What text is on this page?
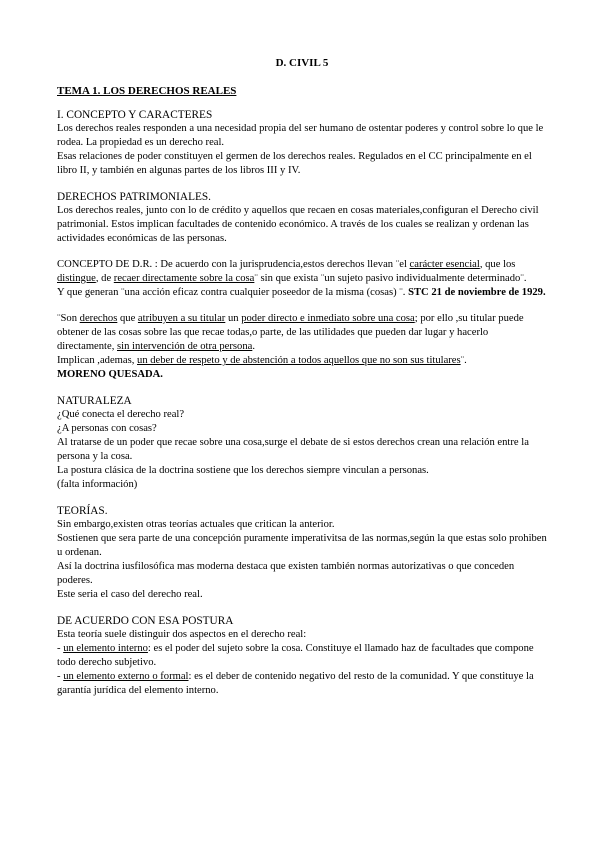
D. CIVIL 5

TEMA 1. LOS DERECHOS REALES

I. CONCEPTO Y CARACTERES

Los derechos reales responden a una necesidad propia del ser humano de ostentar poderes y control sobre lo que le rodea. La propiedad es un derecho real.

Esas relaciones de poder constituyen el germen de los derechos reales. Regulados en el CC principalmente en el libro II, y también en algunas partes de los libros III y IV.

DERECHOS PATRIMONIALES.

Los derechos reales, junto con lo de crédito y aquellos que recaen en cosas materiales,configuran el Derecho civil patrimonial. Estos implican facultades de contenido económico. A través de los cuales se realizan y ordenan las actividades económicas de las personas.

CONCEPTO DE D.R. : De acuerdo con la jurisprudencia,estos derechos llevan ¨el carácter esencial, que los distingue, de recaer directamente sobre la cosa¨ sin que exista ¨un sujeto pasivo individualmente determinado¨.

Y que generan ¨una acción eficaz contra cualquier poseedor de la misma (cosas) ¨. STC 21 de noviembre de 1929.

¨Son derechos que atribuyen a su titular un poder directo e inmediato sobre una cosa; por ello ,su titular puede obtener de las cosas sobre las que recae todas,o parte, de las utilidades que pueden dar lugar y hacerlo directamente, sin intervención de otra persona.

Implican ,ademas, un deber de respeto y de abstención a todos aquellos que no son sus titulares¨.

MORENO QUESADA.

NATURALEZA

¿Qué conecta el derecho real?

¿A personas con cosas?

Al tratarse de un poder que recae sobre una cosa,surge el debate de si estos derechos crean una relación entre la persona y la cosa.

La postura clásica de la doctrina sostiene que los derechos siempre vinculan a personas.

(falta información)

TEORÍAS.

Sin embargo,existen otras teorías actuales que critican la anterior.

Sostienen que sera parte de una concepción puramente imperativitsa de las normas,según la que estas solo prohiben u ordenan.

Así la doctrina iusfilosófica mas moderna destaca que existen también normas autorizativas o que conceden poderes.

Este seria el caso del derecho real.

DE ACUERDO CON ESA POSTURA

Esta teoría suele distinguir dos aspectos en el derecho real:

- un elemento interno: es el poder del sujeto sobre la cosa. Constituye el llamado haz de facultades que compone todo derecho subjetivo.

- un elemento externo o formal: es el deber de contenido negativo del resto de la comunidad. Y que constituye la garantía jurídica del elemento interno.
